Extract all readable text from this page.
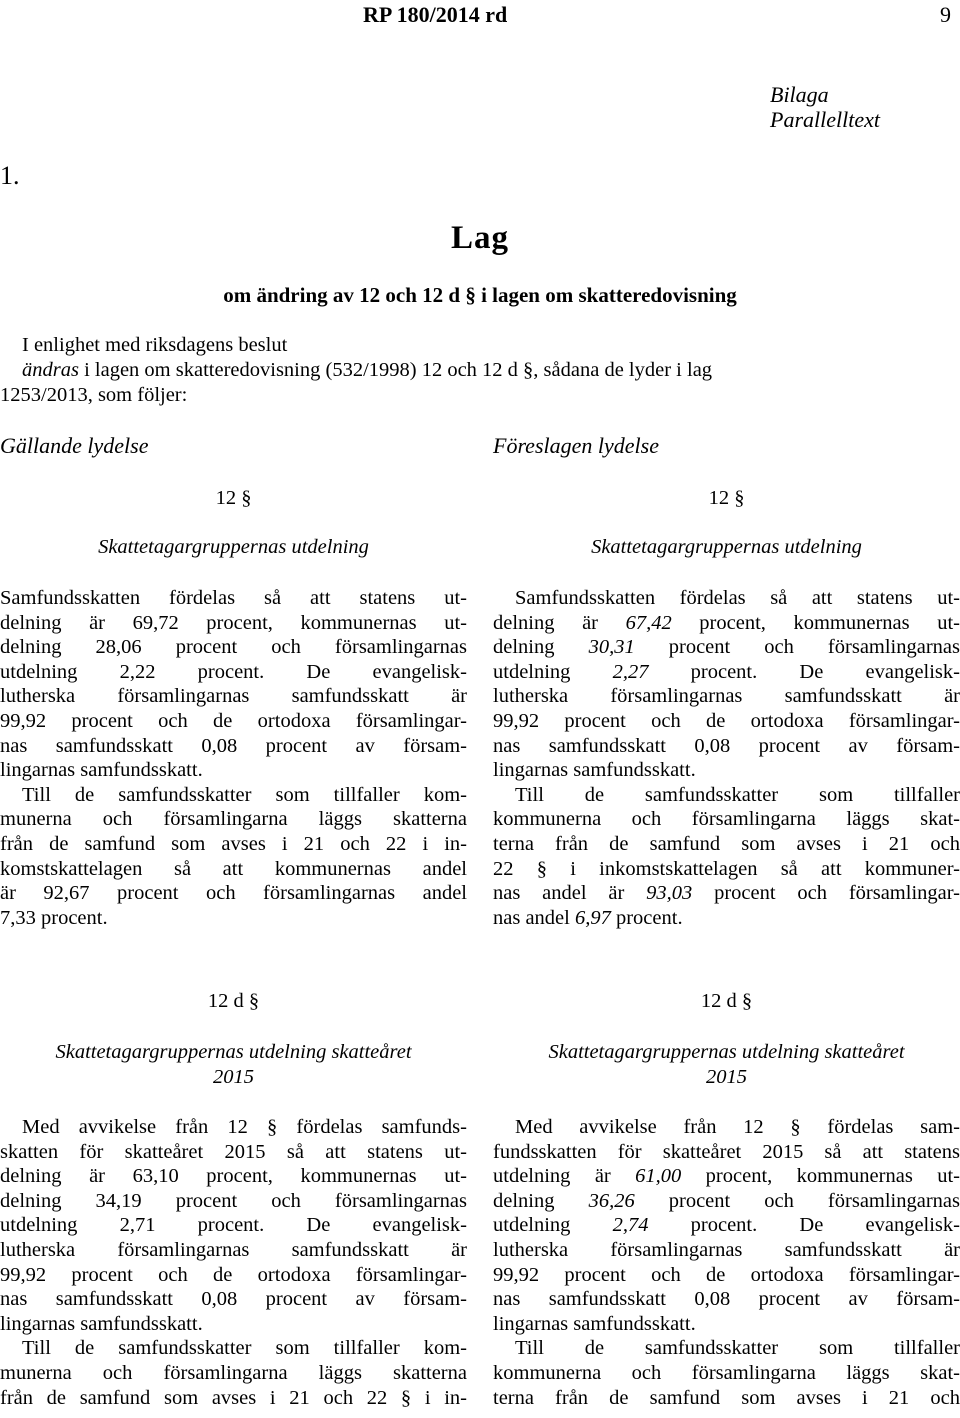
RP 180/2014 rd	9
Bilaga
Parallelltext
1.
Lag
om ändring av 12 och 12 d § i lagen om skatteredovisning
I enlighet med riksdagens beslut
ändras i lagen om skatteredovisning (532/1998) 12 och 12 d §, sådana de lyder i lag
1253/2013, som följer:
Gällande lydelse	Föreslagen lydelse
12 §
Skattetagargruppernas utdelning
Samfundsskatten fördelas så att statens ut-
delning är 69,72 procent, kommunernas ut-
delning 28,06 procent och församlingarnas
utdelning 2,22 procent. De evangelisk-
lutherska församlingarnas samfundsskatt är
99,92 procent och de ortodoxa församlingar-
nas samfundsskatt 0,08 procent av försam-
lingarnas samfundsskatt.
Till de samfundsskatter som tillfaller kom-
munerna och församlingarna läggs skatterna
från de samfund som avses i 21 och 22 i in-
komstskattelagen så att kommunernas andel
är 92,67 procent och församlingarnas andel
7,33 procent.
12 §
Skattetagargruppernas utdelning
Samfundsskatten fördelas så att statens ut-
delning är 67,42 procent, kommunernas ut-
delning 30,31 procent och församlingarnas
utdelning 2,27 procent. De evangelisk-
lutherska församlingarnas samfundsskatt är
99,92 procent och de ortodoxa församlingar-
nas samfundsskatt 0,08 procent av försam-
lingarnas samfundsskatt.
Till de samfundsskatter som tillfaller
kommunerna och församlingarna läggs skat-
terna från de samfund som avses i 21 och
22 § i inkomstskattelagen så att kommuner-
nas andel är 93,03 procent och församlingar-
nas andel 6,97 procent.
12 d §
Skattetagargruppernas utdelning skatteåret
2015
Med avvikelse från 12 § fördelas samfunds-
skatten för skatteåret 2015 så att statens ut-
delning är 63,10 procent, kommunernas ut-
delning 34,19 procent och församlingarnas
utdelning 2,71 procent. De evangelisk-
lutherska församlingarnas samfundsskatt är
99,92 procent och de ortodoxa församlingar-
nas samfundsskatt 0,08 procent av försam-
lingarnas samfundsskatt.
Till de samfundsskatter som tillfaller kom-
munerna och församlingarna läggs skatterna
från de samfund som avses i 21 och 22 § i in-
12 d §
Skattetagargruppernas utdelning skatteåret
2015
Med avvikelse från 12 § fördelas sam-
fundsskatten för skatteåret 2015 så att statens
utdelning är 61,00 procent, kommunernas ut-
delning 36,26 procent och församlingarnas
utdelning 2,74 procent. De evangelisk-
lutherska församlingarnas samfundsskatt är
99,92 procent och de ortodoxa församlingar-
nas samfundsskatt 0,08 procent av försam-
lingarnas samfundsskatt.
Till de samfundsskatter som tillfaller
kommunerna och församlingarna läggs skat-
terna från de samfund som avses i 21 och
